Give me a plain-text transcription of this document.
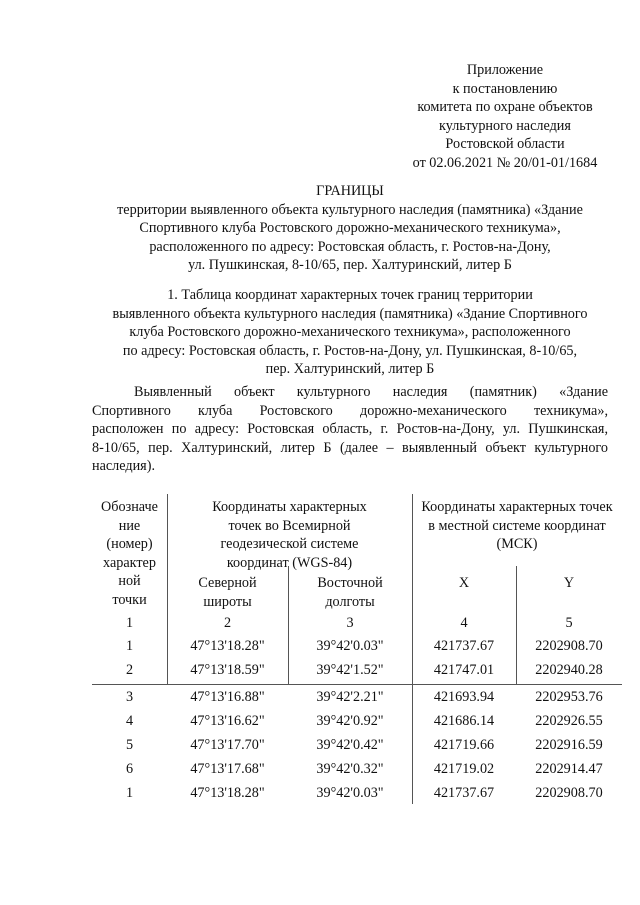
Приложение
к постановлению
комитета по охране объектов
культурного наследия
Ростовской области
от 02.06.2021 № 20/01-01/1684
ГРАНИЦЫ
территории выявленного объекта культурного наследия (памятника) «Здание
Спортивного клуба Ростовского дорожно-механического техникума»,
расположенного по адресу: Ростовская область, г. Ростов-на-Дону,
ул. Пушкинская, 8-10/65, пер. Халтуринский, литер Б
1. Таблица координат характерных точек границ территории
выявленного объекта культурного наследия (памятника) «Здание Спортивного
клуба Ростовского дорожно-механического техникума», расположенного
по адресу: Ростовская область, г. Ростов-на-Дону, ул. Пушкинская, 8-10/65,
пер. Халтуринский, литер Б
Выявленный объект культурного наследия (памятник) «Здание
Спортивного клуба Ростовского дорожно-механического техникума»,
расположен по адресу: Ростовская область, г. Ростов-на-Дону, ул. Пушкинская,
8-10/65, пер. Халтуринский, литер Б (далее – выявленный объект культурного
наследия).
Обозначе
ние
(номер)
характер
ной
точки
Координаты характерных
точек во Всемирной
геодезической системе
координат (WGS-84)
Координаты характерных точек
в местной системе координат
(МСК)
Северной
широты
Восточной
долготы
X	Y
1	2	3	4	5
1	47°13'18.28"	39°42'0.03"	421737.67	2202908.70
2	47°13'18.59"	39°42'1.52"	421747.01	2202940.28
3	47°13'16.88"	39°42'2.21"	421693.94	2202953.76
4	47°13'16.62"	39°42'0.92"	421686.14	2202926.55
5	47°13'17.70"	39°42'0.42"	421719.66	2202916.59
6	47°13'17.68"	39°42'0.32"	421719.02	2202914.47
1	47°13'18.28"	39°42'0.03"	421737.67	2202908.70
